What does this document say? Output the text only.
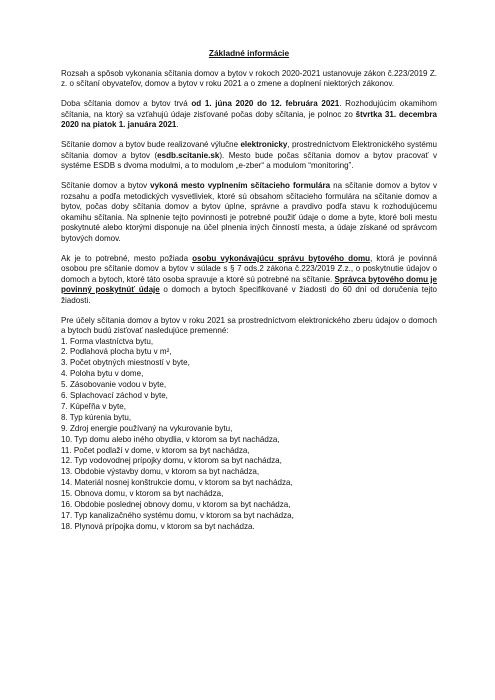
Základné informácie

Rozsah a spôsob vykonania sčítania domov a bytov v rokoch 2020-2021 ustanovuje zákon č.223/2019 Z. z. o sčítaní obyvateľov, domov a bytov v roku 2021 a o zmene a doplnení niektorých zákonov.

Doba sčítania domov a bytov trvá od 1. júna 2020 do 12. februára 2021. Rozhodujúcim okamihom sčítania, na ktorý sa vzťahujú údaje zisťované počas doby sčítania, je polnoc zo štvrtka 31. decembra 2020 na piatok 1. januára 2021.

Sčítanie domov a bytov bude realizované výlučne elektronicky, prostredníctvom Elektronického systému sčítania domov a bytov (esdb.scitanie.sk). Mesto bude počas sčítania domov a bytov pracovať v systéme ESDB s dvoma modulmi, a to modulom „e-zber“ a modulom “monitoring”.

Sčítanie domov a bytov vykoná mesto vyplnením sčítacieho formulára na sčítanie domov a bytov v rozsahu a podľa metodických vysvetliviek, ktoré sú obsahom sčítacieho formulára na sčítanie domov a bytov, počas doby sčítania domov a bytov úplne, správne a pravdivo podľa stavu k rozhodujúcemu okamihu sčítania. Na splnenie tejto povinnosti je potrebné použiť údaje o dome a byte, ktoré boli mestu poskytnuté alebo ktorými disponuje na účel plnenia iných činností mesta, a údaje získané od správcom bytových domov.

Ak je to potrebné, mesto požiada osobu vykonávajúcu správu bytového domu, ktorá je povinná osobou pre sčítanie domov a bytov v súlade s § 7 ods.2 zákona č.223/2019 Z.z., o poskytnutie údajov o domoch a bytoch, ktoré táto osoba spravuje a ktoré sú potrebné na sčítanie. Správca bytového domu je povinný poskytnúť údaje o domoch a bytoch špecifikované v žiadosti do 60 dní od doručenia tejto žiadosti.

Pre účely sčítania domov a bytov v roku 2021 sa prostredníctvom elektronického zberu údajov o domoch a bytoch budú zisťovať nasledujúce premenné:

1. Forma vlastníctva bytu,
2. Podlahová plocha bytu v m²,
3. Počet obytných miestností v byte,
4. Poloha bytu v dome,
5. Zásobovanie vodou v byte,
6. Splachovací záchod v byte,
7. Kúpeľňa v byte,
8. Typ kúrenia bytu,
9. Zdroj energie používaný na vykurovanie bytu,
10. Typ domu alebo iného obydlia, v ktorom sa byt nachádza,
11. Počet podlaží v dome, v ktorom sa byt nachádza,
12. Typ vodovodnej prípojky domu, v ktorom sa byt nachádza,
13. Obdobie výstavby domu, v ktorom sa byt nachádza,
14. Materiál nosnej konštrukcie domu, v ktorom sa byt nachádza,
15. Obnova domu, v ktorom sa byt nachádza,
16. Obdobie poslednej obnovy domu, v ktorom sa byt nachádza,
17. Typ kanalizačného systému domu, v ktorom sa byt nachádza,
18. Plynová prípojka domu, v ktorom sa byt nachádza.
